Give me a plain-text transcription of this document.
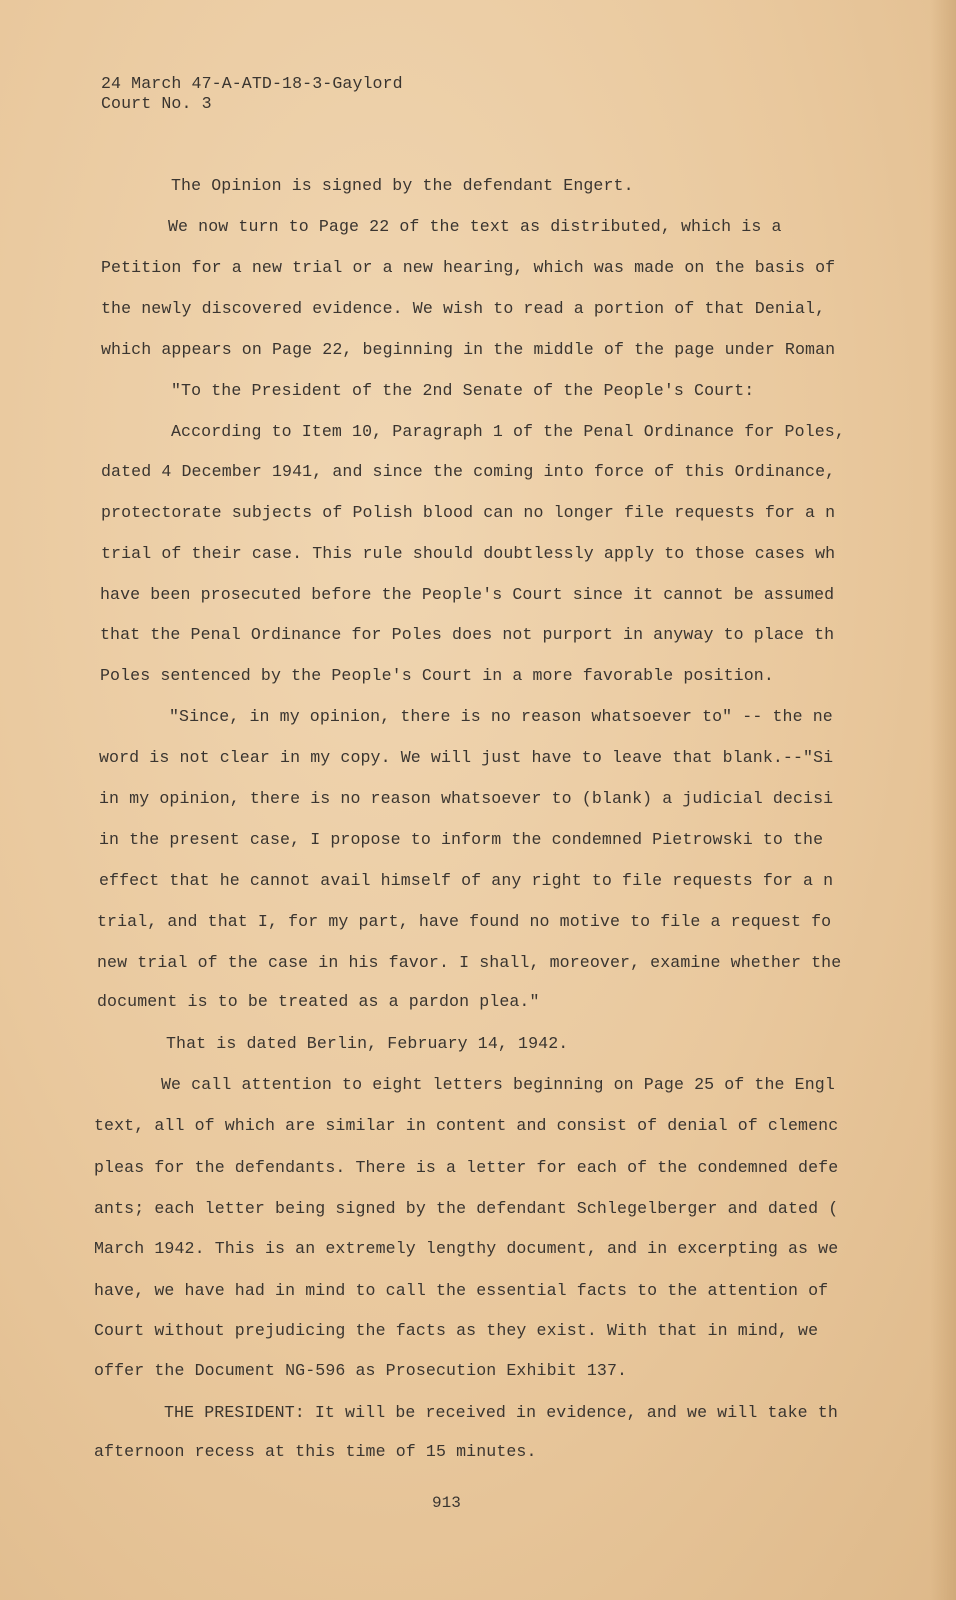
24 March 47-A-ATD-18-3-Gaylord
Court No. 3
The Opinion is signed by the defendant Engert.
We now turn to Page 22 of the text as distributed, which is a
Petition for a new trial or a new hearing, which was made on the basis of
the newly discovered evidence. We wish to read a portion of that Denial,
which appears on Page 22, beginning in the middle of the page under Roman
"To the President of the 2nd Senate of the People's Court:
According to Item 10, Paragraph 1 of the Penal Ordinance for Poles,
dated 4 December 1941, and since the coming into force of this Ordinance,
protectorate subjects of Polish blood can no longer file requests for a n
trial of their case. This rule should doubtlessly apply to those cases wh
have been prosecuted before the People's Court since it cannot be assumed
that the Penal Ordinance for Poles does not purport in anyway to place th
Poles sentenced by the People's Court in a more favorable position.
"Since, in my opinion, there is no reason whatsoever to" -- the ne
word is not clear in my copy. We will just have to leave that blank.--"Si
in my opinion, there is no reason whatsoever to (blank) a judicial decisi
in the present case, I propose to inform the condemned Pietrowski to the
effect that he cannot avail himself of any right to file requests for a n
trial, and that I, for my part, have found no motive to file a request fo
new trial of the case in his favor. I shall, moreover, examine whether the
document is to be treated as a pardon plea."
That is dated Berlin, February 14, 1942.
We call attention to eight letters beginning on Page 25 of the Engl
text, all of which are similar in content and consist of denial of clemenc
pleas for the defendants. There is a letter for each of the condemned defe
ants; each letter being signed by the defendant Schlegelberger and dated (
March 1942. This is an extremely lengthy document, and in excerpting as we
have, we have had in mind to call the essential facts to the attention of
Court without prejudicing the facts as they exist. With that in mind, we
offer the Document NG-596 as Prosecution Exhibit 137.
THE PRESIDENT: It will be received in evidence, and we will take th
afternoon recess at this time of 15 minutes.
913
